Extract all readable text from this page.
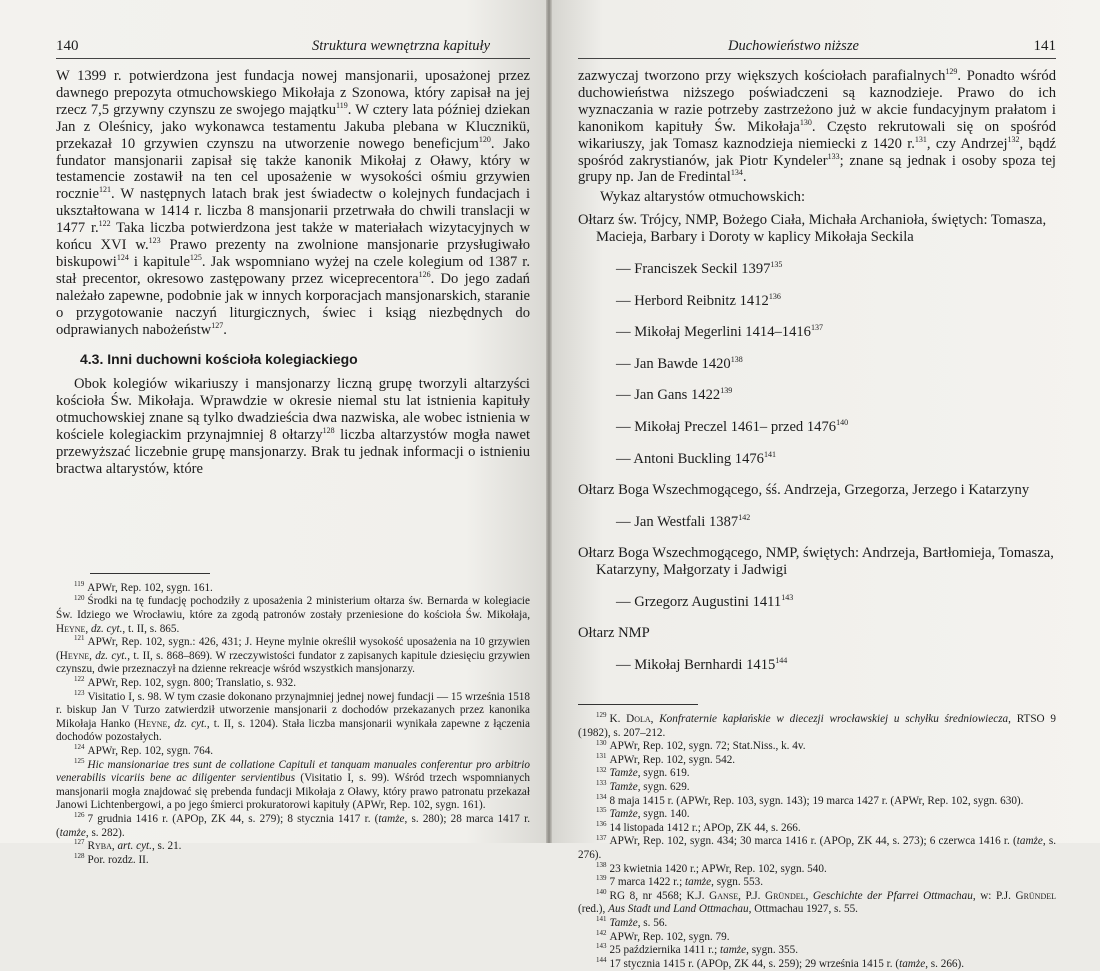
140	Struktura wewnętrzna kapituły

W 1399 r. potwierdzona jest fundacja nowej mansjonarii, uposażonej przez dawnego prepozyta otmuchowskiego Mikołaja z Szonowa, który zapisał na jej rzecz 7,5 grzywny czynszu ze swojego majątku$^{119}$. W cztery lata później dziekan Jan z Oleśnicy, jako wykonawca testamentu Jakuba plebana w Klucznikü, przekazał 10 grzywien czynszu na utworzenie nowego beneficjum$^{120}$. Jako fundator mansjonarii zapisał się także kanonik Mikołaj z Oławy, który w testamencie zostawił na ten cel uposażenie w wysokości ośmiu grzywien rocznie$^{121}$. W następnych latach brak jest świadectw o kolejnych fundacjach i ukształtowana w 1414 r. liczba 8 mansjonarii przetrwała do chwili translacji w 1477 r.$^{122}$ Taka liczba potwierdzona jest także w materiałach wizytacyjnych w końcu XVI w.$^{123}$ Prawo prezenty na zwolnione mansjonarie przysługiwało biskupowi$^{124}$ i kapitule$^{125}$. Jak wspomniano wyżej na czele kolegium od 1387 r. stał precentor, okresowo zastępowany przez wiceprecentora$^{126}$. Do jego zadań należało zapewne, podobnie jak w innych korporacjach mansjonarskich, staranie o przygotowanie naczyń liturgicznych, świec i ksiąg niezbędnych do odprawianych nabożeństw$^{127}$.

4.3. Inni duchowni kościoła kolegiackiego

Obok kolegiów wikariuszy i mansjonarzy liczną grupę tworzyli altarzyści kościoła Św. Mikołaja. Wprawdzie w okresie niemal stu lat istnienia kapituły otmuchowskiej znane są tylko dwadzieścia dwa nazwiska, ale wobec istnienia w kościele kolegiackim przynajmniej 8 ołtarzy$^{128}$ liczba altarzystów mogła nawet przewyższać liczebnie grupę mansjonarzy. Brak tu jednak informacji o istnieniu bractwa altarystów, które

$^{119}$ APWr, Rep. 102, sygn. 161.

$^{120}$ Środki na tę fundację pochodziły z uposażenia 2 ministerium ołtarza św. Bernarda w kolegiacie Św. Idziego we Wrocławiu, które za zgodą patronów zostały przeniesione do kościoła Św. Mikołaja, Heyne, dz. cyt., t. II, s. 865.

$^{121}$ APWr, Rep. 102, sygn.: 426, 431; J. Heyne mylnie określił wysokość uposażenia na 10 grzywien (Heyne, dz. cyt., t. II, s. 868–869). W rzeczywistości fundator z zapisanych kapitule dziesięciu grzywien czynszu, dwie przeznaczył na dzienne rekreacje wśród wszystkich mansjonarzy.

$^{122}$ APWr, Rep. 102, sygn. 800; Translatio, s. 932.

$^{123}$ Visitatio I, s. 98. W tym czasie dokonano przynajmniej jednej nowej fundacji — 15 września 1518 r. biskup Jan V Turzo zatwierdził utworzenie mansjonarii z dochodów przekazanych przez kanonika Mikołaja Hanko (Heyne, dz. cyt., t. II, s. 1204). Stała liczba mansjonarii wynikała zapewne z łączenia dochodów pozostałych.

$^{124}$ APWr, Rep. 102, sygn. 764.

$^{125}$ Hic mansionariae tres sunt de collatione Capituli et tanquam manuales conferentur pro arbitrio venerabilis vicariis bene ac diligenter servientibus (Visitatio I, s. 99). Wśród trzech wspomnianych mansjonarii mogła znajdować się prebenda fundacji Mikołaja z Oławy, który prawo patronatu przekazał Janowi Lichtenbergowi, a po jego śmierci prokuratorowi kapituły (APWr, Rep. 102, sygn. 161).

$^{126}$ 7 grudnia 1416 r. (APOp, ZK 44, s. 279); 8 stycznia 1417 r. (tamże, s. 280); 28 marca 1417 r. (tamże, s. 282).

$^{127}$ Ryba, art. cyt., s. 21.

$^{128}$ Por. rozdz. II.

Duchowieństwo niższe	141

zazwyczaj tworzono przy większych kościołach parafialnych$^{129}$. Ponadto wśród duchowieństwa niższego poświadczeni są kaznodzieje. Prawo do ich wyznaczania w razie potrzeby zastrzeżono już w akcie fundacyjnym prałatom i kanonikom kapituły Św. Mikołaja$^{130}$. Często rekrutowali się on spośród wikariuszy, jak Tomasz kaznodzieja niemiecki z 1420 r.$^{131}$, czy Andrzej$^{132}$, bądź spośród zakrystianów, jak Piotr Kyndeler$^{133}$; znane są jednak i osoby spoza tej grupy np. Jan de Fredintal$^{134}$.

Wykaz altarystów otmuchowskich:

Ołtarz św. Trójcy, NMP, Bożego Ciała, Michała Archanioła, świętych: Tomasza, Macieja, Barbary i Doroty w kaplicy Mikołaja Seckila

— Franciszek Seckil 1397$^{135}$

— Herbord Reibnitz 1412$^{136}$

— Mikołaj Megerlini 1414–1416$^{137}$

— Jan Bawde 1420$^{138}$

— Jan Gans 1422$^{139}$

— Mikołaj Preczel 1461– przed 1476$^{140}$

— Antoni Buckling 1476$^{141}$

Ołtarz Boga Wszechmogącego, śś. Andrzeja, Grzegorza, Jerzego i Katarzyny

— Jan Westfali 1387$^{142}$

Ołtarz Boga Wszechmogącego, NMP, świętych: Andrzeja, Bartłomieja, Tomasza, Katarzyny, Małgorzaty i Jadwigi

— Grzegorz Augustini 1411$^{143}$

Ołtarz NMP

— Mikołaj Bernhardi 1415$^{144}$

$^{129}$ K. Dola, Konfraternie kapłańskie w diecezji wrocławskiej u schyłku średniowiecza, RTSO 9 (1982), s. 207–212.

$^{130}$ APWr, Rep. 102, sygn. 72; Stat.Niss., k. 4v.

$^{131}$ APWr, Rep. 102, sygn. 542.

$^{132}$ Tamże, sygn. 619.

$^{133}$ Tamże, sygn. 629.

$^{134}$ 8 maja 1415 r. (APWr, Rep. 103, sygn. 143); 19 marca 1427 r. (APWr, Rep. 102, sygn. 630).

$^{135}$ Tamże, sygn. 140.

$^{136}$ 14 listopada 1412 r.; APOp, ZK 44, s. 266.

$^{137}$ APWr, Rep. 102, sygn. 434; 30 marca 1416 r. (APOp, ZK 44, s. 273); 6 czerwca 1416 r. (tamże, s. 276).

$^{138}$ 23 kwietnia 1420 r.; APWr, Rep. 102, sygn. 540.

$^{139}$ 7 marca 1422 r.; tamże, sygn. 553.

$^{140}$ RG 8, nr 4568; K.J. Ganse, P.J. Gründel, Geschichte der Pfarrei Ottmachau, w: P.J. Gründel (red.), Aus Stadt und Land Ottmachau, Ottmachau 1927, s. 55.

$^{141}$ Tamże, s. 56.

$^{142}$ APWr, Rep. 102, sygn. 79.

$^{143}$ 25 października 1411 r.; tamże, sygn. 355.

$^{144}$ 17 stycznia 1415 r. (APOp, ZK 44, s. 259); 29 września 1415 r. (tamże, s. 266).
